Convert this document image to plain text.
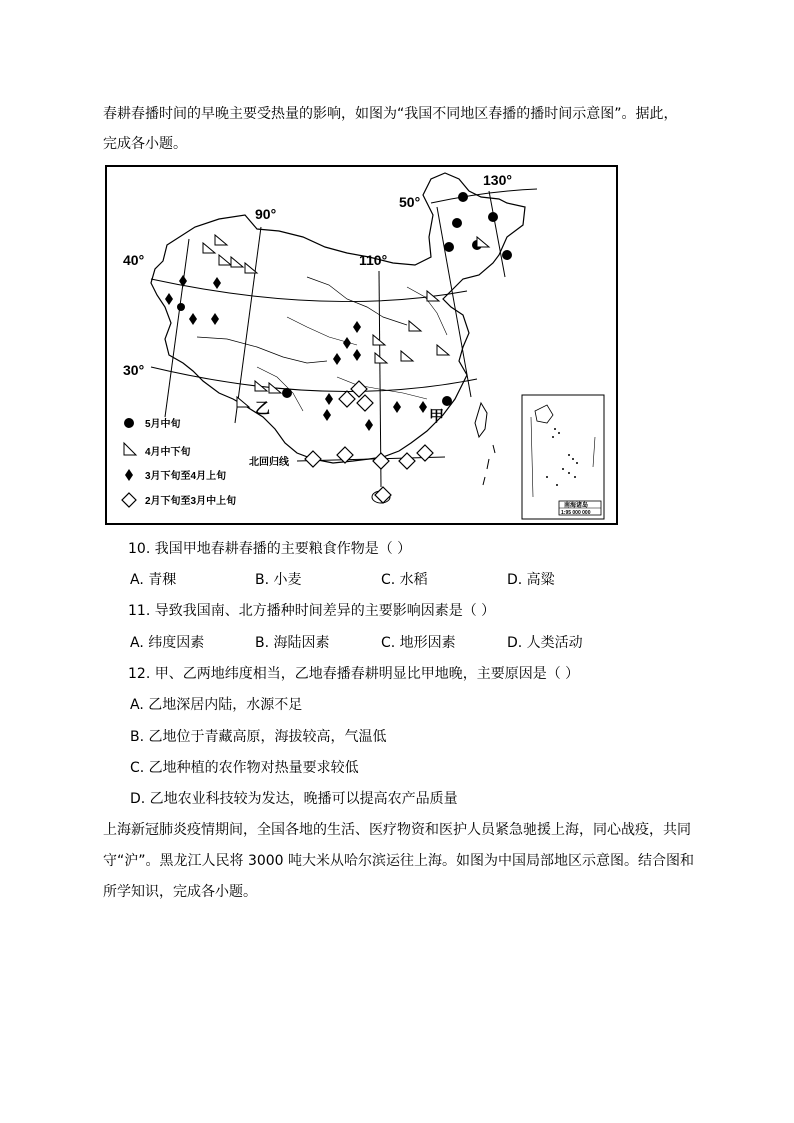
春耕春播时间的早晚主要受热量的影响，如图为“我国不同地区春播的播时间示意图”。据此，
完成各小题。
90°
130°
110°
40°
30°
50°
甲
乙
北回归线
南海诸岛
1:95 000 000
5月中旬
4月中下旬
3月下旬至4月上旬
2月下旬至3月中上旬
10. 我国甲地春耕春播的主要粮食作物是（ ）
A. 青稞	B. 小麦	C. 水稻	D. 高粱
11. 导致我国南、北方播种时间差异的主要影响因素是（ ）
A. 纬度因素	B. 海陆因素	C. 地形因素	D. 人类活动
12. 甲、乙两地纬度相当，乙地春播春耕明显比甲地晚，主要原因是（ ）
A. 乙地深居内陆，水源不足
B. 乙地位于青藏高原，海拔较高，气温低
C. 乙地种植的农作物对热量要求较低
D. 乙地农业科技较为发达，晚播可以提高农产品质量
上海新冠肺炎疫情期间，全国各地的生活、医疗物资和医护人员紧急驰援上海，同心战疫，共同
守“沪”。黑龙江人民将 3000 吨大米从哈尔滨运往上海。如图为中国局部地区示意图。结合图和
所学知识，完成各小题。
